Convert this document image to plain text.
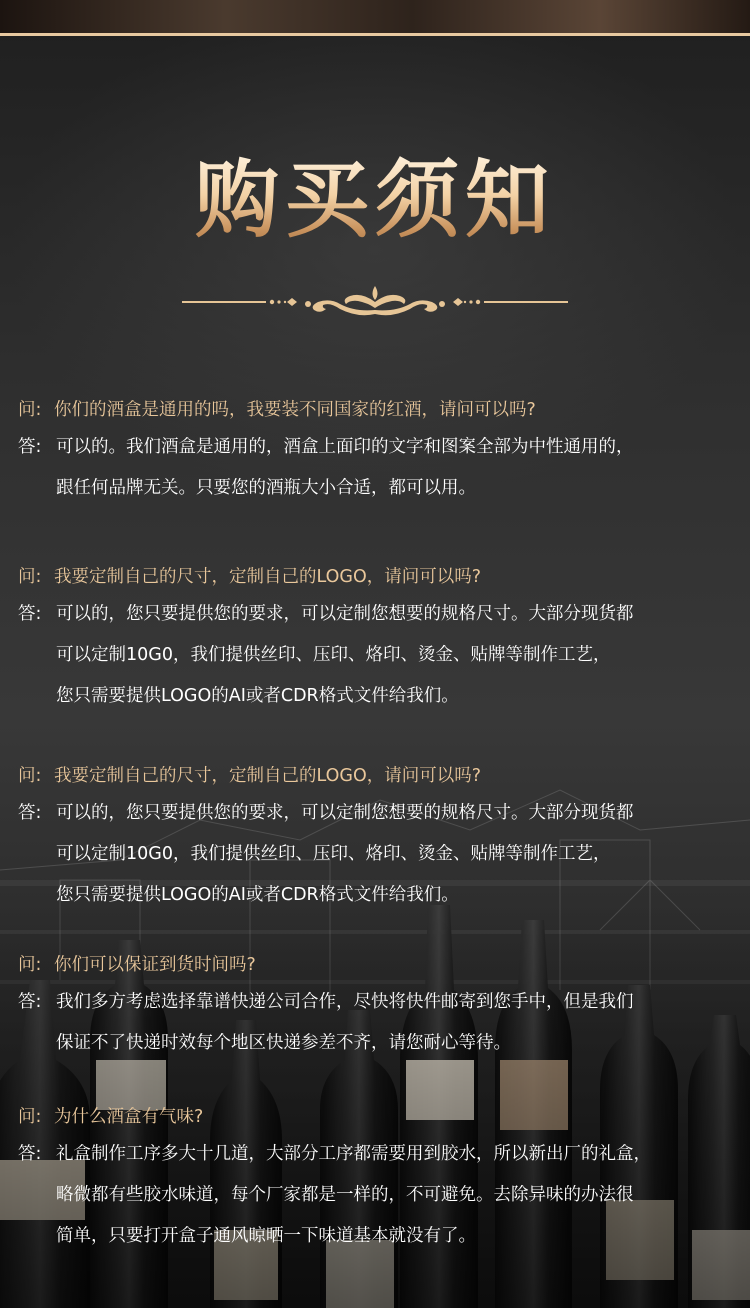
购买须知
问: 你们的酒盒是通用的吗，我要装不同国家的红酒，请问可以吗?
答: 可以的。我们酒盒是通用的，酒盒上面印的文字和图案全部为中性通用的，
跟任何品牌无关。只要您的酒瓶大小合适，都可以用。
问: 我要定制自己的尺寸，定制自己的LOGO，请问可以吗?
答: 可以的，您只要提供您的要求，可以定制您想要的规格尺寸。大部分现货都
可以定制10G0，我们提供丝印、压印、烙印、烫金、贴牌等制作工艺，
您只需要提供LOGO的AI或者CDR格式文件给我们。
问: 我要定制自己的尺寸，定制自己的LOGO，请问可以吗?
答: 可以的，您只要提供您的要求，可以定制您想要的规格尺寸。大部分现货都
可以定制10G0，我们提供丝印、压印、烙印、烫金、贴牌等制作工艺，
您只需要提供LOGO的AI或者CDR格式文件给我们。
问: 你们可以保证到货时间吗?
答: 我们多方考虑选择靠谱快递公司合作，尽快将快件邮寄到您手中，但是我们
保证不了快递时效每个地区快递参差不齐，请您耐心等待。
问: 为什么酒盒有气味?
答: 礼盒制作工序多大十几道，大部分工序都需要用到胶水，所以新出厂的礼盒，
略微都有些胶水味道，每个厂家都是一样的，不可避免。去除异味的办法很
简单，只要打开盒子通风晾晒一下味道基本就没有了。
